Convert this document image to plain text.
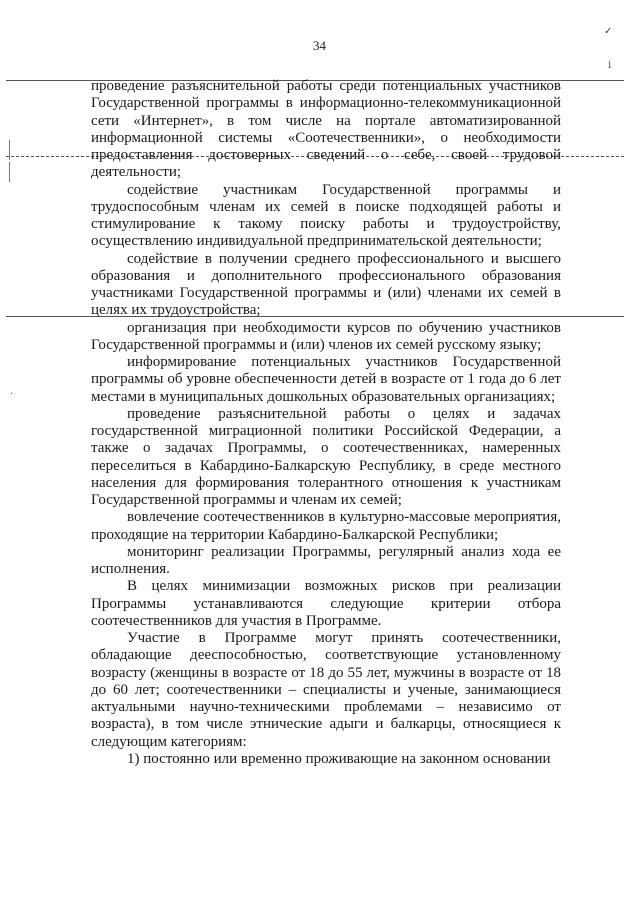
34
✓
ⅰ
·

проведение разъяснительной работы среди потенциальных участников Государственной программы в информационно-телекоммуникационной сети «Интернет», в том числе на портале автоматизированной информационной системы «Соотечественники», о необходимости предоставления достоверных сведений о себе, своей трудовой деятельности;

содействие участникам Государственной программы и трудоспособным членам их семей в поиске подходящей работы и стимулирование к такому поиску работы и трудоустройству, осуществлению индивидуальной предпринимательской деятельности;

содействие в получении среднего профессионального и высшего образования и дополнительного профессионального образования участниками Государственной программы и (или) членами их семей в целях их трудоустройства;

организация при необходимости курсов по обучению участников Государственной программы и (или) членов их семей русскому языку;

информирование потенциальных участников Государственной программы об уровне обеспеченности детей в возрасте от 1 года до 6 лет местами в муниципальных дошкольных образовательных организациях;

проведение разъяснительной работы о целях и задачах государственной миграционной политики Российской Федерации, а также о задачах Программы, о соотечественниках, намеренных переселиться в Кабардино-Балкарскую Республику, в среде местного населения для формирования толерантного отношения к участникам Государственной программы и членам их семей;

вовлечение соотечественников в культурно-массовые мероприятия, проходящие на территории Кабардино-Балкарской Республики;

мониторинг реализации Программы, регулярный анализ хода ее исполнения.

В целях минимизации возможных рисков при реализации Программы устанавливаются следующие критерии отбора соотечественников для участия в Программе.

Участие в Программе могут принять соотечественники, обладающие дееспособностью, соответствующие установленному возрасту (женщины в возрасте от 18 до 55 лет, мужчины в возрасте от 18 до 60 лет; соотечественники – специалисты и ученые, занимающиеся актуальными научно-техническими проблемами – независимо от возраста), в том числе этнические адыги и балкарцы, относящиеся к следующим категориям:

1) постоянно или временно проживающие на законном основании
